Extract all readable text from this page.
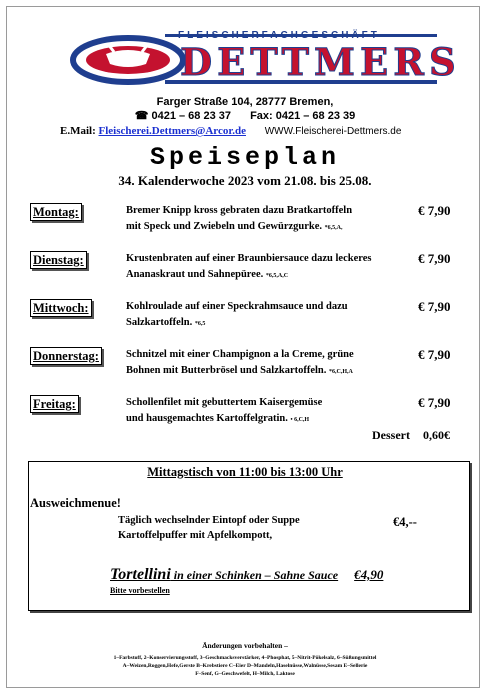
FLEISCHERFACHGESCHÄFT
DETTMERS
Farger Straße 104, 28777 Bremen,
☎ 0421 – 68 23 37 Fax: 0421 – 68 23 39
E.Mail: Fleischerei.Dettmers@Arcor.de WWW.Fleischerei-Dettmers.de
Speiseplan
34. Kalenderwoche 2023 vom 21.08. bis 25.08.
Montag:	Bremer Knipp kross gebraten dazu Bratkartoffeln
mit Speck und Zwiebeln und Gewürzgurke. *6,5,A,
€ 7,90
Dienstag:	Krustenbraten auf einer Braunbiersauce dazu leckeres
Ananaskraut und Sahnepüree. *6,5,A,C
€ 7,90
Mittwoch:	Kohlroulade auf einer Speckrahmsauce und dazu
Salzkartoffeln. *6,5
€ 7,90
Donnerstag:	Schnitzel mit einer Champignon a la Creme, grüne
Bohnen mit Butterbrösel und Salzkartoffeln. *6,C,H,A
€ 7,90
Freitag:	Schollenfilet mit gebuttertem Kaisergemüse
und hausgemachtes Kartoffelgratin. • 6,C,H
€ 7,90
Dessert 0,60€
Mittagstisch von 11:00 bis 13:00 Uhr
Ausweichmenue!
Täglich wechselnder Eintopf oder Suppe
Kartoffelpuffer mit Apfelkompott,
€4,--
Tortellini in einer Schinken – Sahne Sauce €4,90
Bitte vorbestellen
Änderungen vorbehalten –
1–Farbstoff, 2–Konservierungsstoff, 3–Geschmacksverstärker, 4–Phosphat, 5–Nitrit-Pökelsalz, 6–Süßungsmittel
A–Weizen,Roggen,Hefe,Gerste B–Krebstiere C–Eier D–Mandeln,Haselnüsse,Walnüsse,Sesam E–Sellerie
F–Senf, G–Geschwefelt, H–Milch, Laktose
